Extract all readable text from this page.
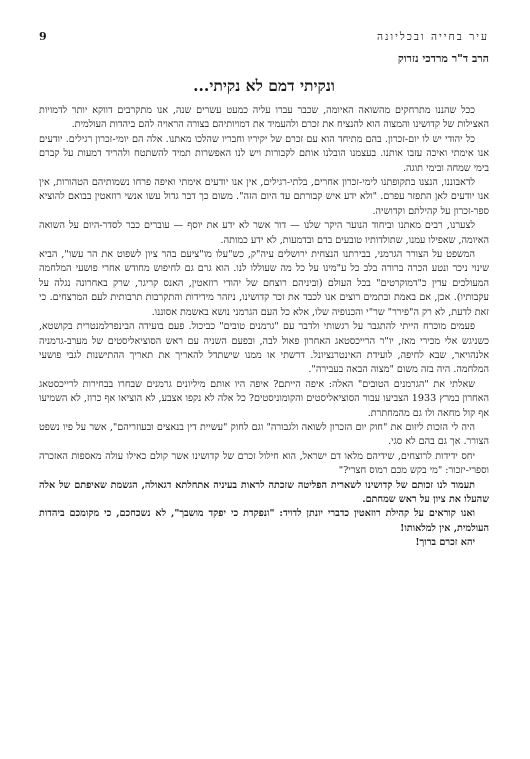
9	עיר בחייה ובכליונה
הרב ד"ר מרדכי נזרוק
ונקיתי דמם לא נקיתי...

ככל שהננו מתרחקים מהשואה האיומה, שכבר עברו עליה כמעט עשרים שנה, אנו מתקרבים דווקא יותר לדמויות האצילות של קדושינו והמצוה הוא להנציח את זכרם ולהעמיד את דמויותיהם בצורה הראויה להם ביהדות העולמית.

כל יהודי יש לו יום-זכרון. בהם מתיחד הוא עם זכרם של יקיריו וחבריו שהלכו מאתנו. אלה הם יומי-זכרון רגילים. יודעים אנו אימתי ואיכה עזבו אותנו. בעצמנו הובלנו אותם לקבורות ויש לנו האפשרות תמיד להשתטח ולהריד דמעות על קברם בימי שמחה ובימי תוגה.

לדאבוננו, הנצנו בתקופתנו לימי-זכרון אחרים, בלתי-רגילים, אין אנו יודעים אימתי ואיפה פרחו נשמותיהם הטהורות, אין אנו יודעים לאן התפזר עפרם. "ולא ידע איש קבורתם עד היום הזה". משום כך דבר גדול עשו אנשי רוזאטין בבואם להוציא ספר-זכרון על קהילתם וקדושיה.

לצערנו, רבים מאתנו וביחוד הנוער היקר שלנו — דור אשר לא ידע את יוסף — עוברים כבר לסדר-היום על השואה האיומה, שאפילו עמנו, שתולדותיו טובעים בדם ובדמעות, לא ידע כמותה.

המשפט על הצורר הגרמני, בבירתנו הנצחית ירושלים עיה"ק, כש"עלו מו"ציעם בהר ציון לשפוט את הר עשו", הביא שינוי ניכר ונטע הכרה ברורה בלב כל ע"מינו על כל מה שעוללו לנו. הוא גרם גם לחיפוש מחודש אחרי פושעי המלחמה המעולכים עדין כ"דמוקרטים" בכל העולם (וביניהם רוצחם של יהודי רוזאטין, האנס קריגר, שרק באחרונה נגלה על עקבותיו). אכן, אם באמת ובתמים רוצים אנו לכבד את זכר קדושינו, ניזהר מידידות והתקרבות תרבותית לעם המרצחים. כי זאת לדעת, לא רק ה"פירר" שר"י והכנופיה שלו, אלא כל העם הגרמני נושא באשמת אסוננו.

פעמים מוכרח הייתי להתגבר על רגשותי ולדבר עם "גרמנים טובים" כביכול. פעם בועידה הבינפרלמנטרית בקושטא, כשניגש אלי מכירי מאז, יו"ר הרייכסטאג האחרון פאול לבה, ובפעם השניה עם ראש הסוציאליסטים של מערב-גרמניה אלנהויאר, שבא לחיפה, לועידת האינטרנציונל. דרשתי או ממנו שישתדל להאריך את תאריך ההתישנות לגבי פושעי המלחמה. היה בזה משום "מצוה הבאה בעבירה".

שאלתי את "הגרמנים הטובים" האלה: איפה הייתם? איפה היו אותם מיליונים גרמנים שבחרו בבחירות לרייכסטאג האחרון במרץ 1933 הצביעו עבור הסוציאליסטים והקומוניסטים? כל אלה לא נקפו אצבע, לא הוציאו אף כרוז, לא השמיעו אף קול מחאה ולו גם מהמחתרת.

היה לי הזכות ליזום את "חוק יום הזכרון לשואה ולגבורה" וגם לחוק "עשיית דין בנאצים ובעוזריהם", אשר על פיו נשפט הצורר. אך גם בהם לא סגי.

יחס ידידות לרוצחים, שידיהם מלאו דם ישראל, הוא חילול זכרם של קדושינו אשר קולם כאילו עולה מאספות האזכרה וספרי-יזכור: "מי בקש מכם רמוס חצרי?"

תעמוד לנו זכותם של קדושינו לשארית הפליטה שזכתה לראות בעיניה אתחלתא דגאולה, הגשמת שאיפתם של אלה שהעלו את ציון על ראש שמחתם.

ואנו קוראים על קהילת רוזאטין כדברי יונתן לדויד: "ונפקדת כי יפקד מושבך", לא נשכחכם, כי מקומכם ביהדות העולמית, אין למלאותו!

יהא זכרם ברוך!
